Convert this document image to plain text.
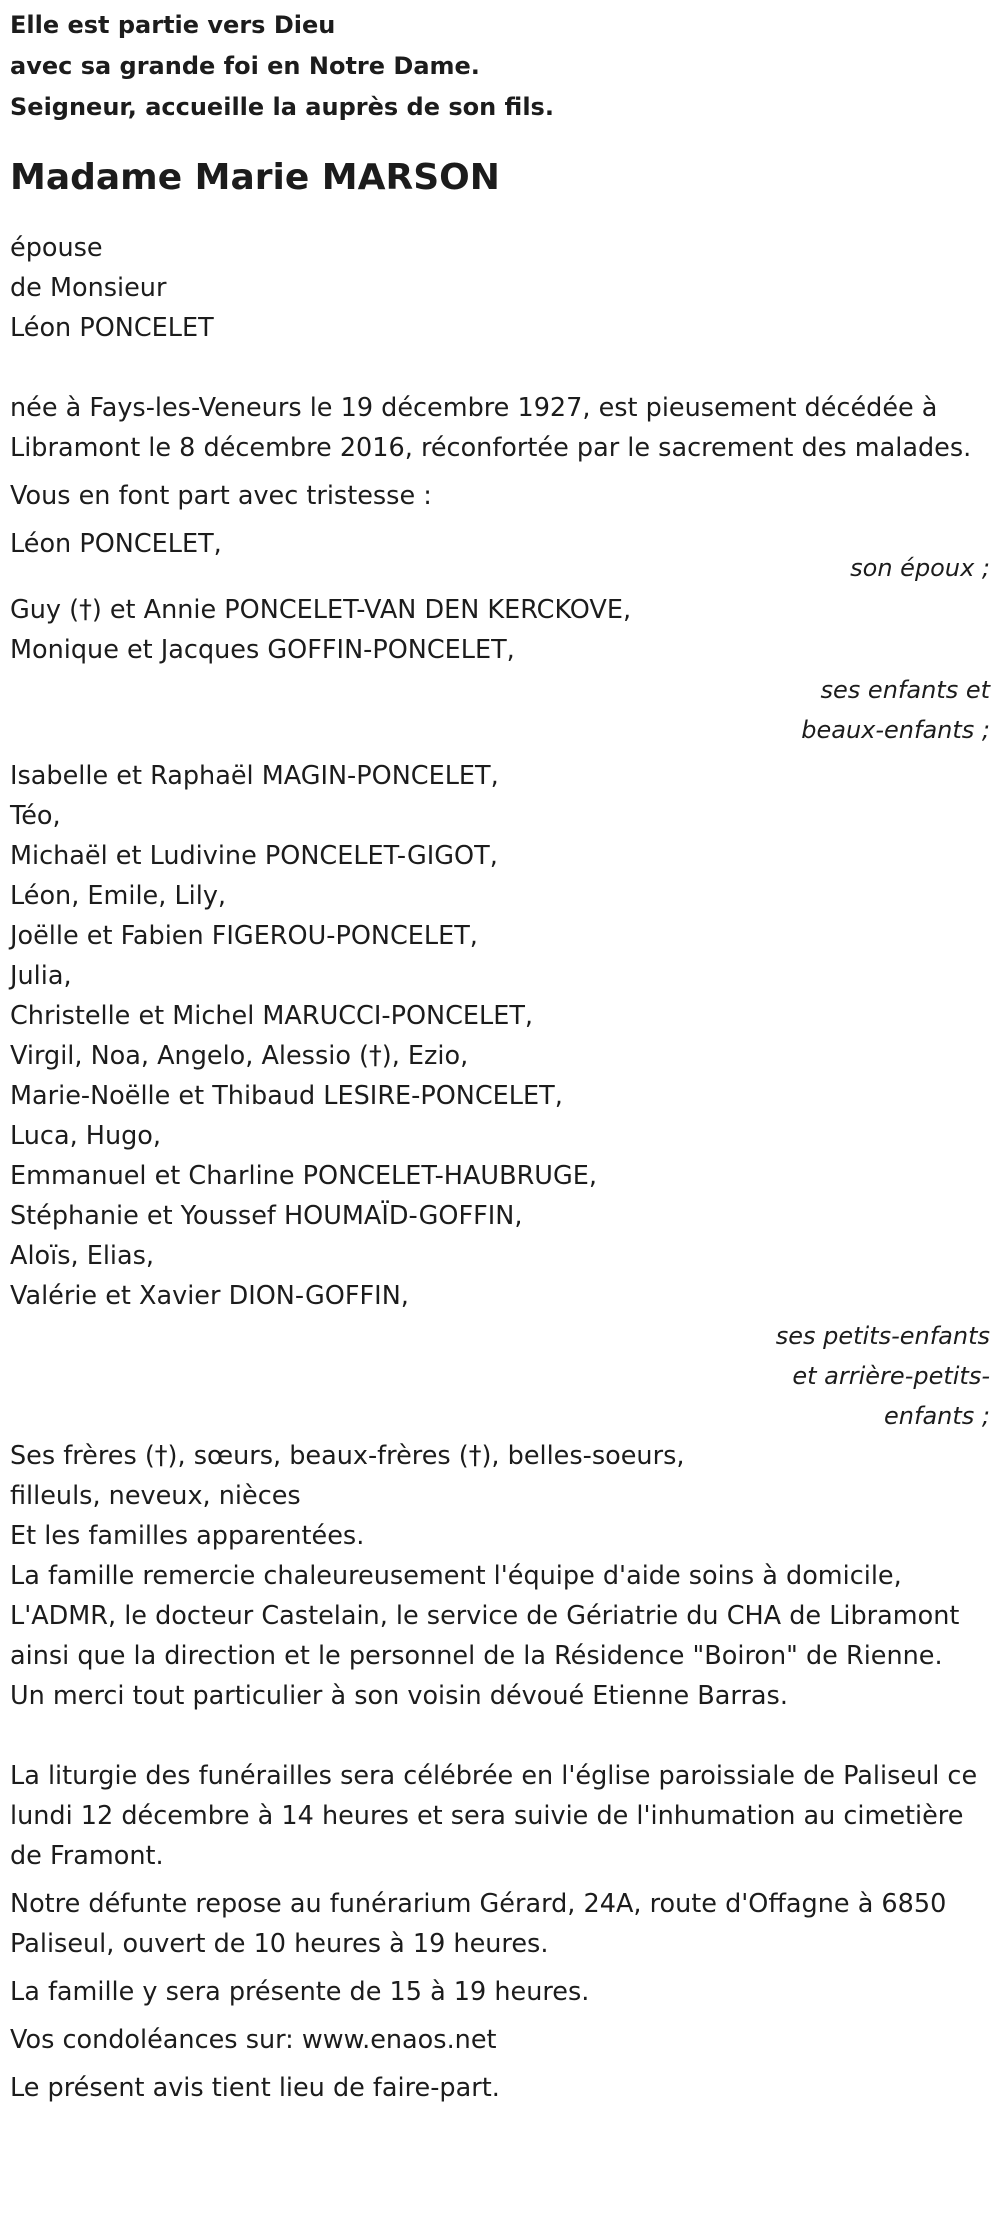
Elle est partie vers Dieu
avec sa grande foi en Notre Dame.
Seigneur, accueille la auprès de son fils.
Madame Marie MARSON
épouse
de Monsieur
Léon PONCELET
née à Fays-les-Veneurs le 19 décembre 1927, est pieusement décédée à Libramont le 8 décembre 2016, réconfortée par le sacrement des malades.
Vous en font part avec tristesse :
Léon PONCELET,
son époux ;
Guy (†) et Annie PONCELET-VAN DEN KERCKOVE,
Monique et Jacques GOFFIN-PONCELET,
ses enfants et
beaux-enfants ;
Isabelle et Raphaël MAGIN-PONCELET,
Téo,
Michaël et Ludivine PONCELET-GIGOT,
Léon, Emile, Lily,
Joëlle et Fabien FIGEROU-PONCELET,
Julia,
Christelle et Michel MARUCCI-PONCELET,
Virgil, Noa, Angelo, Alessio (†), Ezio,
Marie-Noëlle et Thibaud LESIRE-PONCELET,
Luca, Hugo,
Emmanuel et Charline PONCELET-HAUBRUGE,
Stéphanie et Youssef HOUMAÏD-GOFFIN,
Aloïs, Elias,
Valérie et Xavier DION-GOFFIN,
ses petits-enfants
et arrière-petits-
enfants ;
Ses frères (†), sœurs, beaux-frères (†), belles-soeurs,
filleuls, neveux, nièces
Et les familles apparentées.
La famille remercie chaleureusement l'équipe d'aide soins à domicile, L'ADMR, le docteur Castelain, le service de Gériatrie du CHA de Libramont ainsi que la direction et le personnel de la Résidence "Boiron" de Rienne.
Un merci tout particulier à son voisin dévoué Etienne Barras.
La liturgie des funérailles sera célébrée en l'église paroissiale de Paliseul ce lundi 12 décembre à 14 heures et sera suivie de l'inhumation au cimetière de Framont.
Notre défunte repose au funérarium Gérard, 24A, route d'Offagne à 6850 Paliseul, ouvert de 10 heures à 19 heures.
La famille y sera présente de 15 à 19 heures.
Vos condoléances sur: www.enaos.net
Le présent avis tient lieu de faire-part.
